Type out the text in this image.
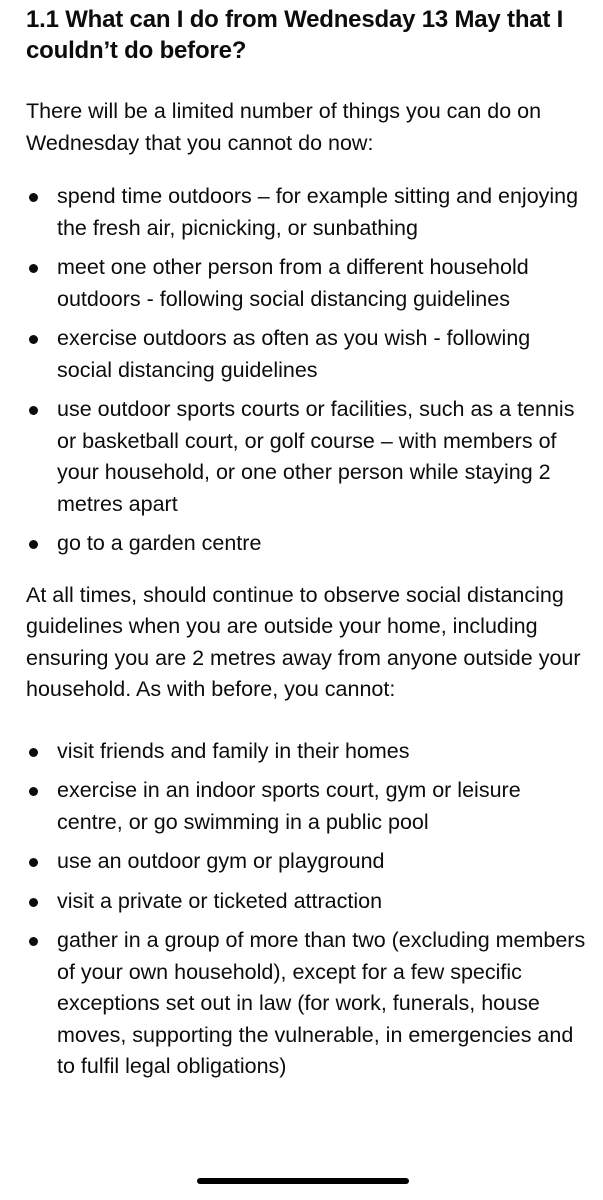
1.1 What can I do from Wednesday 13 May that I couldn’t do before?

There will be a limited number of things you can do on Wednesday that you cannot do now:

spend time outdoors – for example sitting and enjoying the fresh air, picnicking, or sunbathing
meet one other person from a different household outdoors - following social distancing guidelines
exercise outdoors as often as you wish - following social distancing guidelines
use outdoor sports courts or facilities, such as a tennis or basketball court, or golf course – with members of your household, or one other person while staying 2 metres apart
go to a garden centre

At all times, should continue to observe social distancing guidelines when you are outside your home, including ensuring you are 2 metres away from anyone outside your household. As with before, you cannot:

visit friends and family in their homes
exercise in an indoor sports court, gym or leisure centre, or go swimming in a public pool
use an outdoor gym or playground
visit a private or ticketed attraction
gather in a group of more than two (excluding members of your own household), except for a few specific exceptions set out in law (for work, funerals, house moves, supporting the vulnerable, in emergencies and to fulfil legal obligations)
